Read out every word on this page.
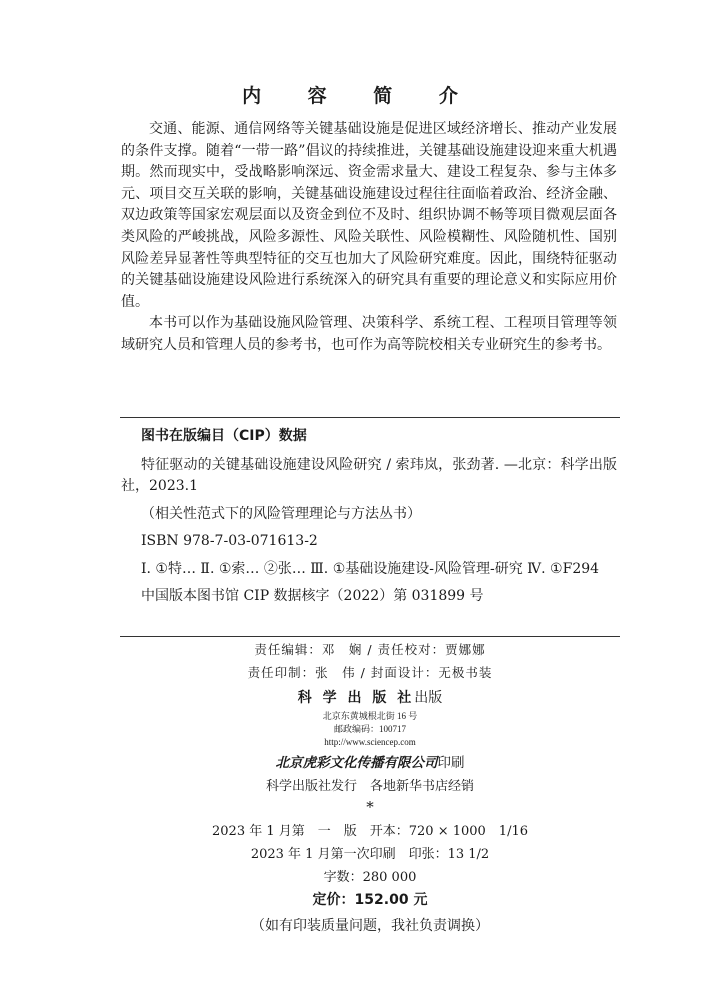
内 容 简 介

交通、能源、通信网络等关键基础设施是促进区域经济增长、推动产业发展的条件支撑。随着“一带一路”倡议的持续推进，关键基础设施建设迎来重大机遇期。然而现实中，受战略影响深远、资金需求量大、建设工程复杂、参与主体多元、项目交互关联的影响，关键基础设施建设过程往往面临着政治、经济金融、双边政策等国家宏观层面以及资金到位不及时、组织协调不畅等项目微观层面各类风险的严峻挑战，风险多源性、风险关联性、风险模糊性、风险随机性、国别风险差异显著性等典型特征的交互也加大了风险研究难度。因此，围绕特征驱动的关键基础设施建设风险进行系统深入的研究具有重要的理论意义和实际应用价值。

本书可以作为基础设施风险管理、决策科学、系统工程、工程项目管理等领域研究人员和管理人员的参考书，也可作为高等院校相关专业研究生的参考书。

图书在版编目（CIP）数据

特征驱动的关键基础设施建设风险研究 / 索玮岚，张劲著. —北京：科学出版社，2023.1

（相关性范式下的风险管理理论与方法丛书）

ISBN 978-7-03-071613-2

Ⅰ. ①特… Ⅱ. ①索… ②张… Ⅲ. ①基础设施建设-风险管理-研究 Ⅳ. ①F294

中国版本图书馆 CIP 数据核字（2022）第 031899 号

责任编辑：邓　娴 / 责任校对：贾娜娜
责任印制：张　伟 / 封面设计：无极书装
科 学 出 版 社出版
北京东黄城根北街 16 号
邮政编码：100717
http://www.sciencep.com
北京虎彩文化传播有限公司印刷
科学出版社发行　各地新华书店经销
*
2023 年 1 月第　一　版　开本：720 × 1000　1/16
2023 年 1 月第一次印刷　印张：13 1/2
字数：280 000
定价：152.00 元
（如有印装质量问题，我社负责调换）
